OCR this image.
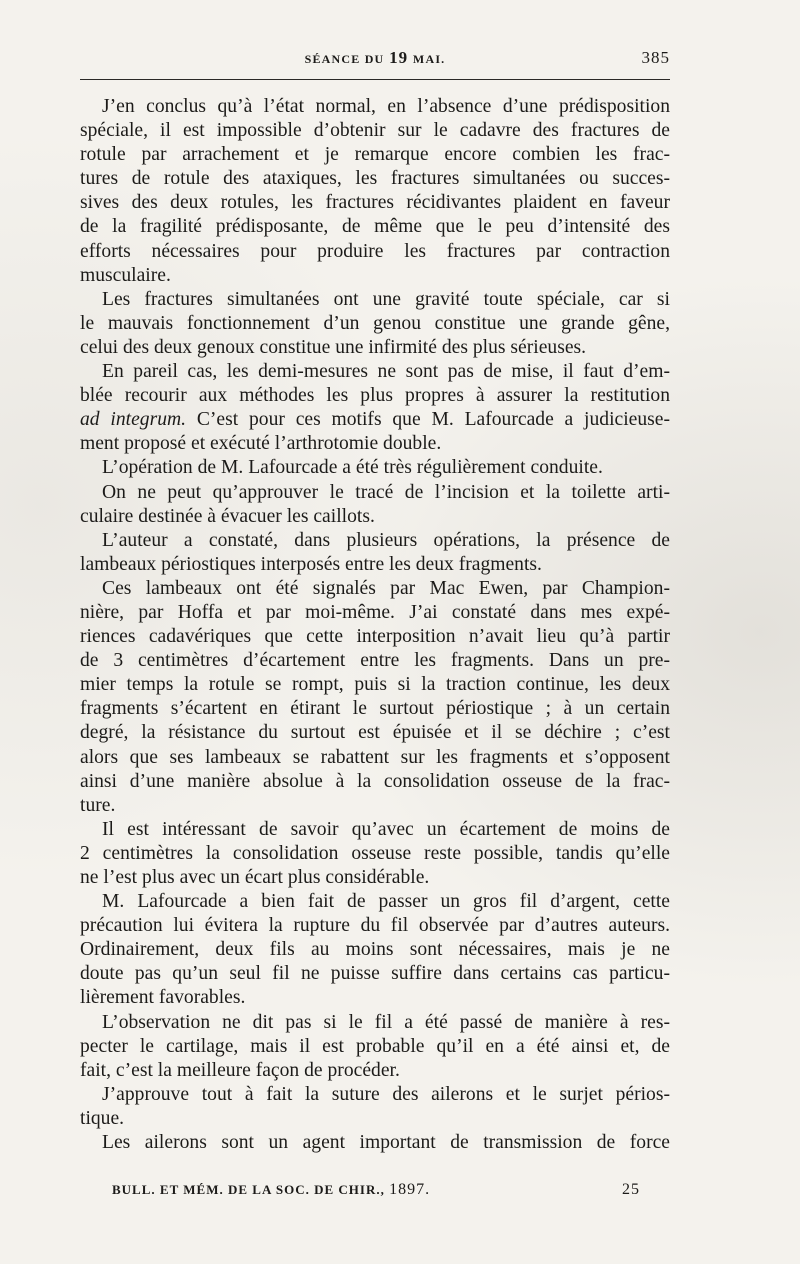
SÉANCE DU 19 MAI.	385
J’en conclus qu’à l’état normal, en l’absence d’une prédisposition
spéciale, il est impossible d’obtenir sur le cadavre des fractures de
rotule par arrachement et je remarque encore combien les frac-
tures de rotule des ataxiques, les fractures simultanées ou succes-
sives des deux rotules, les fractures récidivantes plaident en faveur
de la fragilité prédisposante, de même que le peu d’intensité des
efforts nécessaires pour produire les fractures par contraction
musculaire.
Les fractures simultanées ont une gravité toute spéciale, car si
le mauvais fonctionnement d’un genou constitue une grande gêne,
celui des deux genoux constitue une infirmité des plus sérieuses.
En pareil cas, les demi-mesures ne sont pas de mise, il faut d’em-
blée recourir aux méthodes les plus propres à assurer la restitution
ad integrum. C’est pour ces motifs que M. Lafourcade a judicieuse-
ment proposé et exécuté l’arthrotomie double.
L’opération de M. Lafourcade a été très régulièrement conduite.
On ne peut qu’approuver le tracé de l’incision et la toilette arti-
culaire destinée à évacuer les caillots.
L’auteur a constaté, dans plusieurs opérations, la présence de
lambeaux périostiques interposés entre les deux fragments.
Ces lambeaux ont été signalés par Mac Ewen, par Champion-
nière, par Hoffa et par moi-même. J’ai constaté dans mes expé-
riences cadavériques que cette interposition n’avait lieu qu’à partir
de 3 centimètres d’écartement entre les fragments. Dans un pre-
mier temps la rotule se rompt, puis si la traction continue, les deux
fragments s’écartent en étirant le surtout périostique ; à un certain
degré, la résistance du surtout est épuisée et il se déchire ; c’est
alors que ses lambeaux se rabattent sur les fragments et s’opposent
ainsi d’une manière absolue à la consolidation osseuse de la frac-
ture.
Il est intéressant de savoir qu’avec un écartement de moins de
2 centimètres la consolidation osseuse reste possible, tandis qu’elle
ne l’est plus avec un écart plus considérable.
M. Lafourcade a bien fait de passer un gros fil d’argent, cette
précaution lui évitera la rupture du fil observée par d’autres auteurs.
Ordinairement, deux fils au moins sont nécessaires, mais je ne
doute pas qu’un seul fil ne puisse suffire dans certains cas particu-
lièrement favorables.
L’observation ne dit pas si le fil a été passé de manière à res-
pecter le cartilage, mais il est probable qu’il en a été ainsi et, de
fait, c’est la meilleure façon de procéder.
J’approuve tout à fait la suture des ailerons et le surjet périos-
tique.
Les ailerons sont un agent important de transmission de force
BULL. ET MÉM. DE LA SOC. DE CHIR., 1897.	25
